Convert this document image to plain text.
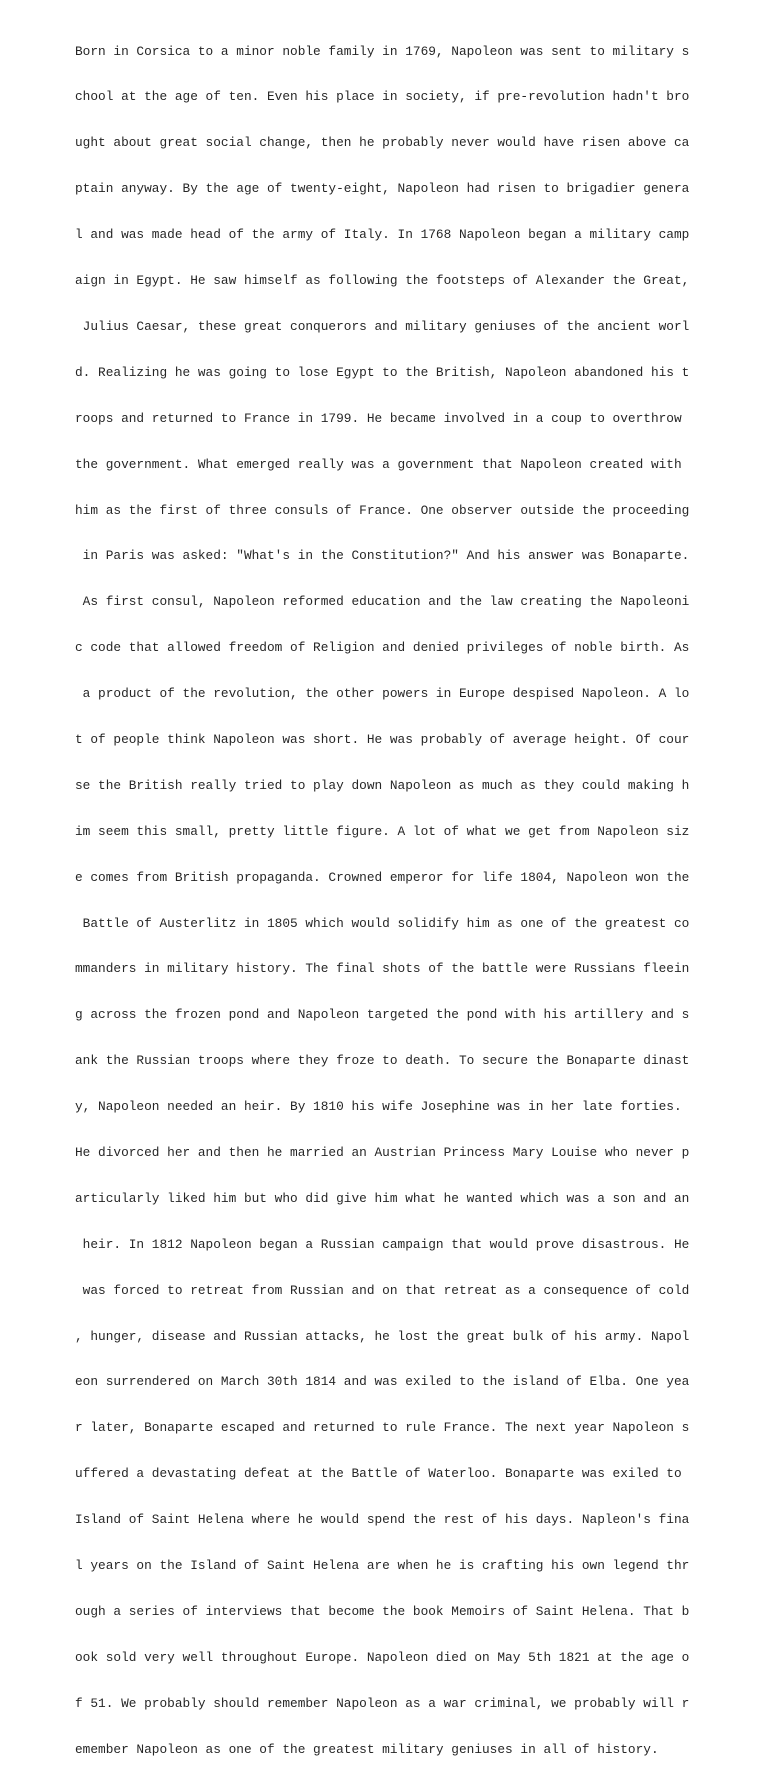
Born in Corsica to a minor noble family in 1769, Napoleon was sent to military s

chool at the age of ten. Even his place in society, if pre-revolution hadn't bro

ught about great social change, then he probably never would have risen above ca

ptain anyway. By the age of twenty-eight, Napoleon had risen to brigadier genera

l and was made head of the army of Italy. In 1768 Napoleon began a military camp

aign in Egypt. He saw himself as following the footsteps of Alexander the Great,

Julius Caesar, these great conquerors and military geniuses of the ancient worl

d. Realizing he was going to lose Egypt to the British, Napoleon abandoned his t

roops and returned to France in 1799. He became involved in a coup to overthrow

the government. What emerged really was a government that Napoleon created with

him as the first of three consuls of France. One observer outside the proceeding

in Paris was asked: "What's in the Constitution?" And his answer was Bonaparte.

As first consul, Napoleon reformed education and the law creating the Napoleoni

c code that allowed freedom of Religion and denied privileges of noble birth. As

a product of the revolution, the other powers in Europe despised Napoleon. A lo

t of people think Napoleon was short. He was probably of average height. Of cour

se the British really tried to play down Napoleon as much as they could making h

im seem this small, pretty little figure. A lot of what we get from Napoleon siz

e comes from British propaganda. Crowned emperor for life 1804, Napoleon won the

Battle of Austerlitz in 1805 which would solidify him as one of the greatest co

mmanders in military history. The final shots of the battle were Russians fleein

g across the frozen pond and Napoleon targeted the pond with his artillery and s

ank the Russian troops where they froze to death. To secure the Bonaparte dinast

y, Napoleon needed an heir. By 1810 his wife Josephine was in her late forties.

He divorced her and then he married an Austrian Princess Mary Louise who never p

articularly liked him but who did give him what he wanted which was a son and an

heir. In 1812 Napoleon began a Russian campaign that would prove disastrous. He

was forced to retreat from Russian and on that retreat as a consequence of cold

, hunger, disease and Russian attacks, he lost the great bulk of his army. Napol

eon surrendered on March 30th 1814 and was exiled to the island of Elba. One yea

r later, Bonaparte escaped and returned to rule France. The next year Napoleon s

uffered a devastating defeat at the Battle of Waterloo. Bonaparte was exiled to

Island of Saint Helena where he would spend the rest of his days. Napleon's fina

l years on the Island of Saint Helena are when he is crafting his own legend thr

ough a series of interviews that become the book Memoirs of Saint Helena. That b

ook sold very well throughout Europe. Napoleon died on May 5th 1821 at the age o

f 51. We probably should remember Napoleon as a war criminal, we probably will r

emember Napoleon as one of the greatest military geniuses in all of history.
